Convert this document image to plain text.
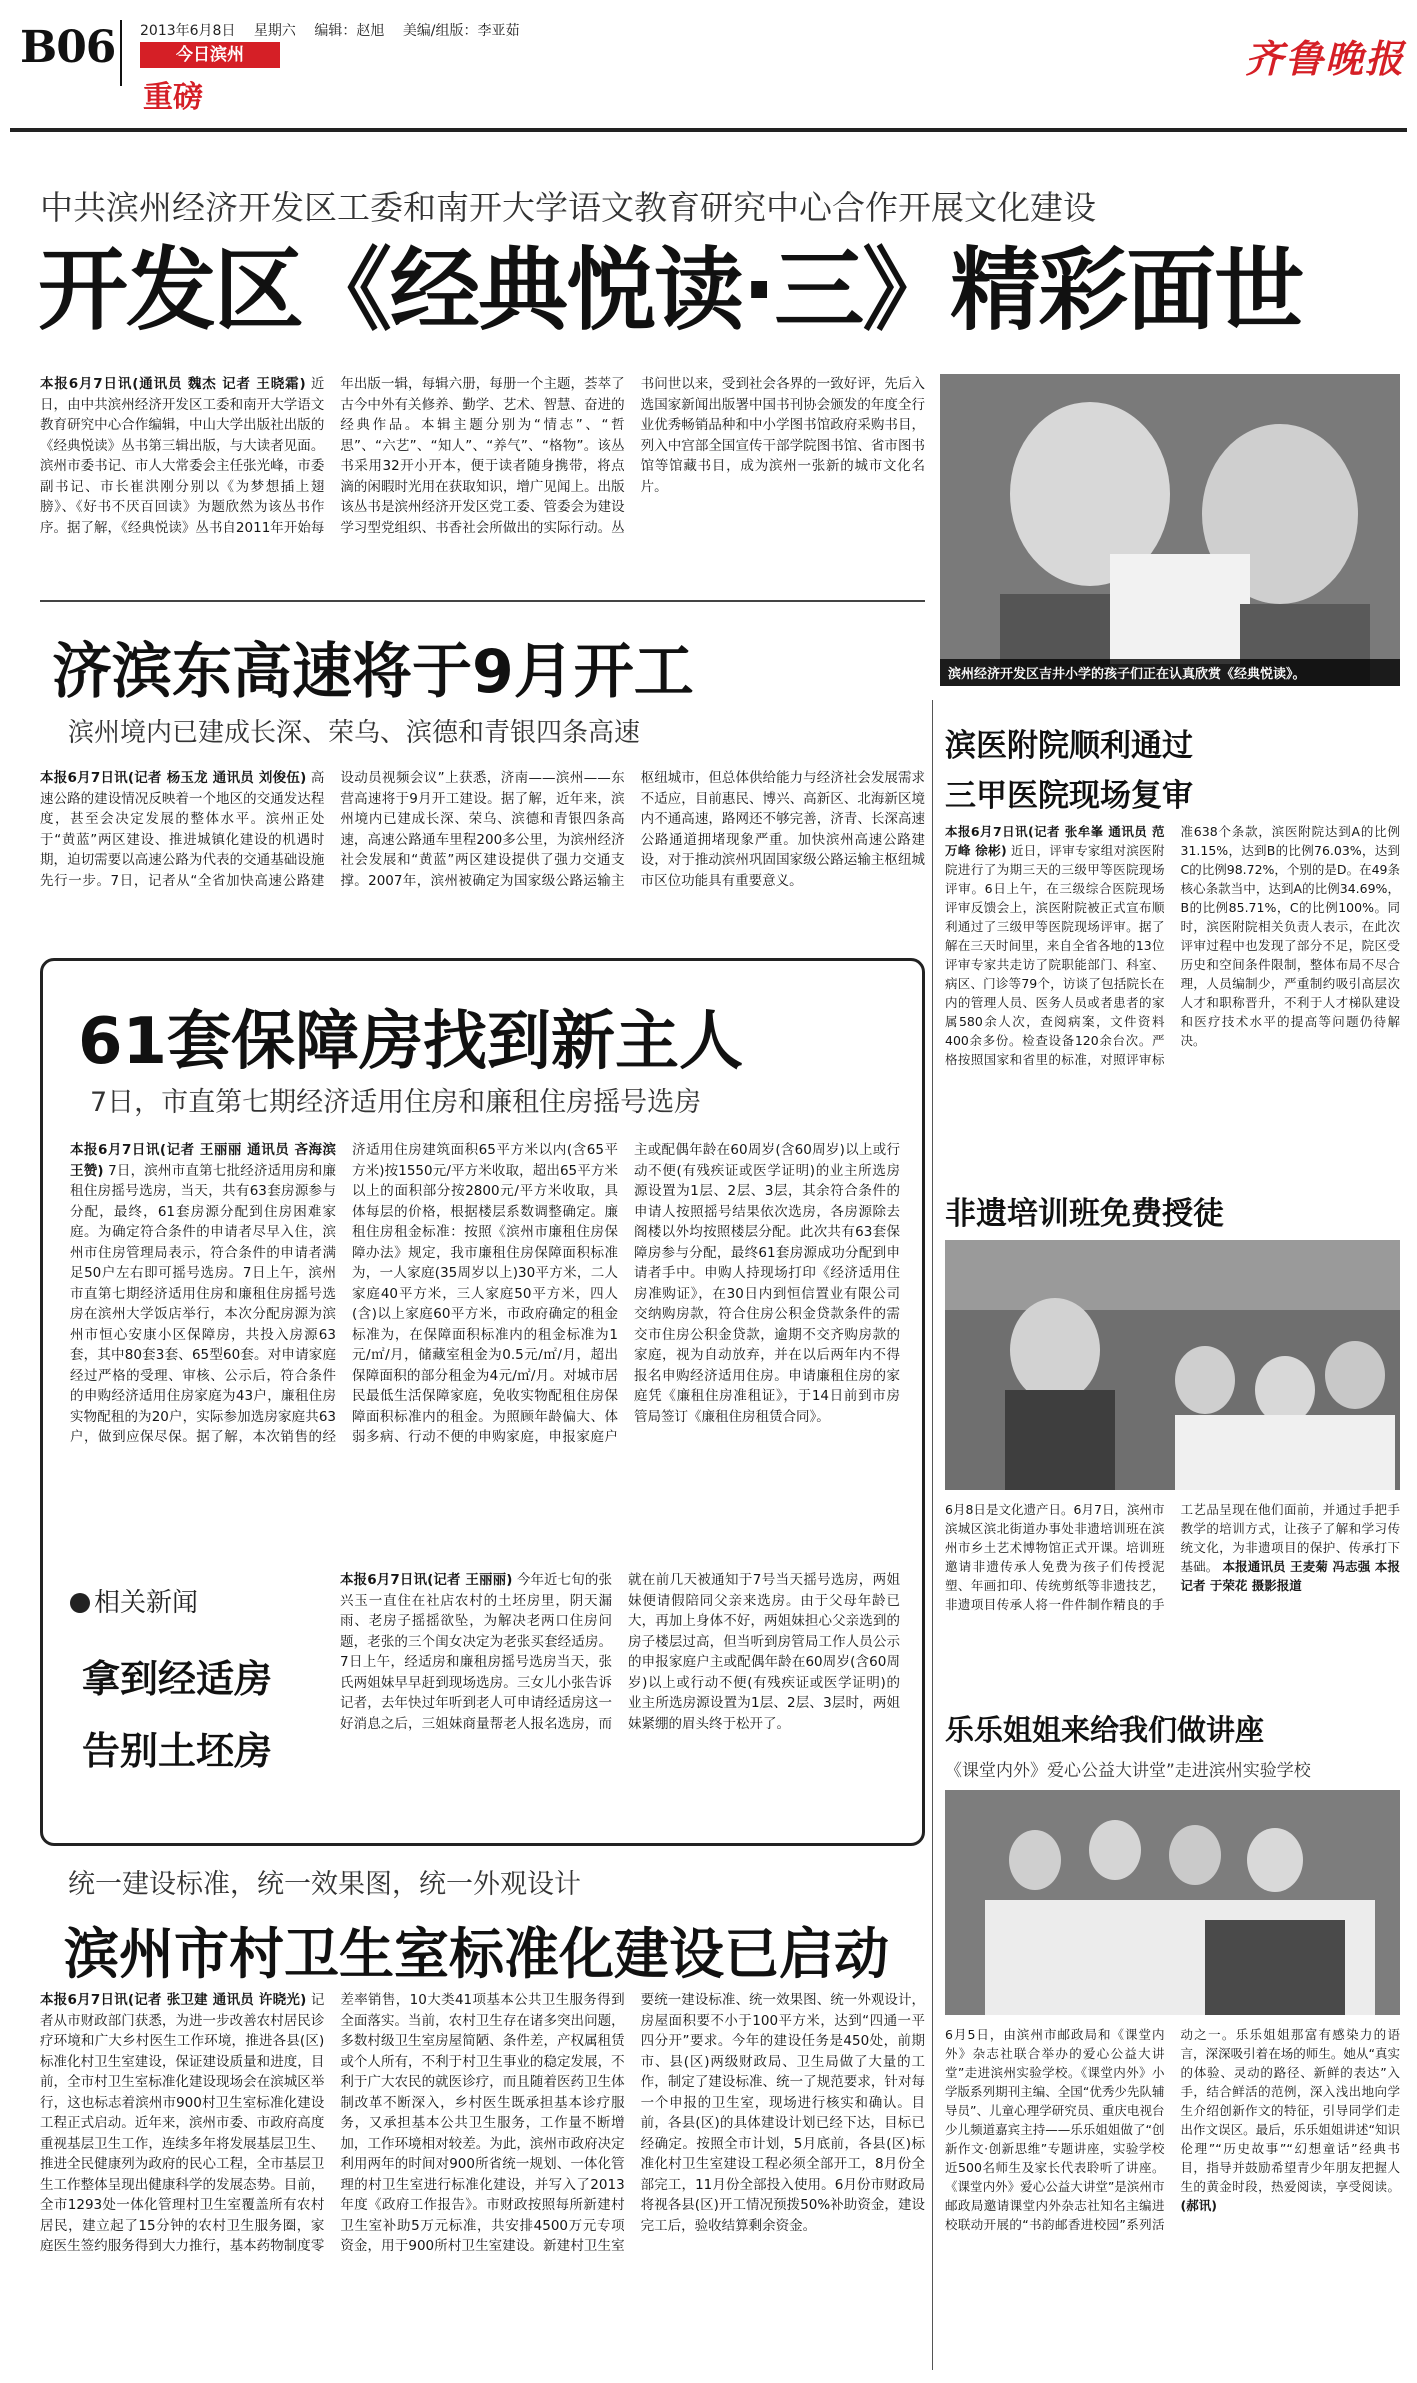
B06 2013年6月8日 星期六 编辑：赵旭 美编/组版：李亚茹
今日滨州
重磅
齐鲁晚报
中共滨州经济开发区工委和南开大学语文教育研究中心合作开展文化建设
开发区《经典悦读·三》精彩面世
本报6月7日讯(通讯员 魏杰 记者 王晓霜) 近日，由中共滨州经济开发区工委和南开大学语文教育研究中心合作编辑，中山大学出版社出版的《经典悦读》丛书第三辑出版，与大读者见面。滨州市委书记、市人大常委会主任张光峰，市委副书记、市长崔洪刚分别以《为梦想插上翅膀》、《好书不厌百回读》为题欣然为该丛书作序。据了解，《经典悦读》丛书自2011年开始每年出版一辑，每辑六册，每册一个主题，荟萃了古今中外有关修养、勤学、艺术、智慧、奋进的经典作品。本辑主题分别为“情志”、“哲思”、“六艺”、“知人”、“养气”、“格物”。该丛书采用32开小开本，便于读者随身携带，将点滴的闲暇时光用在获取知识，增广见闻上。出版该丛书是滨州经济开发区党工委、管委会为建设学习型党组织、书香社会所做出的实际行动。丛书问世以来，受到社会各界的一致好评，先后入选国家新闻出版署中国书刊协会颁发的年度全行业优秀畅销品种和中小学图书馆政府采购书目，列入中宫部全国宣传干部学院图书馆、省市图书馆等馆藏书目，成为滨州一张新的城市文化名片。
滨州经济开发区吉井小学的孩子们正在认真欣赏《经典悦读》。
济滨东高速将于9月开工
滨州境内已建成长深、荣乌、滨德和青银四条高速
本报6月7日讯(记者 杨玉龙 通讯员 刘俊伍) 高速公路的建设情况反映着一个地区的交通发达程度，甚至会决定发展的整体水平。滨州正处于“黄蓝”两区建设、推进城镇化建设的机遇时期，迫切需要以高速公路为代表的交通基础设施先行一步。7日，记者从“全省加快高速公路建设动员视频会议”上获悉，济南——滨州——东营高速将于9月开工建设。据了解，近年来，滨州境内已建成长深、荣乌、滨德和青银四条高速，高速公路通车里程200多公里，为滨州经济社会发展和“黄蓝”两区建设提供了强力交通支撑。2007年，滨州被确定为国家级公路运输主枢纽城市，但总体供给能力与经济社会发展需求不适应，目前惠民、博兴、高新区、北海新区境内不通高速，路网还不够完善，济青、长深高速公路通道拥堵现象严重。加快滨州高速公路建设，对于推动滨州巩固国家级公路运输主枢纽城市区位功能具有重要意义。
61套保障房找到新主人
7日，市直第七期经济适用住房和廉租住房摇号选房
本报6月7日讯(记者 王丽丽 通讯员 吝海滨 王赞) 7日，滨州市直第七批经济适用房和廉租住房摇号选房，当天，共有63套房源参与分配，最终，61套房源分配到住房困难家庭。为确定符合条件的申请者尽早入住，滨州市住房管理局表示，符合条件的申请者满足50户左右即可摇号选房。7日上午，滨州市直第七期经济适用住房和廉租住房摇号选房在滨州大学饭店举行，本次分配房源为滨州市恒心安康小区保障房，共投入房源63套，其中80套3套、65型60套。对申请家庭经过严格的受理、审核、公示后，符合条件的申购经济适用住房家庭为43户，廉租住房实物配租的为20户，实际参加选房家庭共63户，做到应保尽保。据了解，本次销售的经济适用住房建筑面积65平方米以内(含65平方米)按1550元/平方米收取，超出65平方米以上的面积部分按2800元/平方米收取，具体每层的价格，根据楼层系数调整确定。廉租住房租金标准：按照《滨州市廉租住房保障办法》规定，我市廉租住房保障面积标准为，一人家庭(35周岁以上)30平方米，二人家庭40平方米，三人家庭50平方米，四人(含)以上家庭60平方米，市政府确定的租金标准为，在保障面积标准内的租金标准为1元/㎡/月，储藏室租金为0.5元/㎡/月，超出保障面积的部分租金为4元/㎡/月。对城市居民最低生活保障家庭，免收实物配租住房保障面积标准内的租金。为照顾年龄偏大、体弱多病、行动不便的申购家庭，申报家庭户主或配偶年龄在60周岁(含60周岁)以上或行动不便(有残疾证或医学证明)的业主所选房源设置为1层、2层、3层，其余符合条件的申请人按照摇号结果依次选房，各房源除去阁楼以外均按照楼层分配。此次共有63套保障房参与分配，最终61套房源成功分配到申请者手中。申购人持现场打印《经济适用住房准购证》，在30日内到恒信置业有限公司交纳购房款，符合住房公积金贷款条件的需交市住房公积金贷款，逾期不交齐购房款的家庭，视为自动放弃，并在以后两年内不得报名申购经济适用住房。申请廉租住房的家庭凭《廉租住房准租证》，于14日前到市房管局签订《廉租住房租赁合同》。
相关新闻
拿到经适房
告别土坯房
本报6月7日讯(记者 王丽丽) 今年近七旬的张兴玉一直住在社店农村的土坯房里，阴天漏雨、老房子摇摇欲坠，为解决老两口住房问题，老张的三个闺女决定为老张买套经适房。7日上午，经适房和廉租房摇号选房当天，张氏两姐妹早早赶到现场选房。三女儿小张告诉记者，去年快过年听到老人可申请经适房这一好消息之后，三姐妹商量帮老人报名选房，而就在前几天被通知于7号当天摇号选房，两姐妹便请假陪同父亲来选房。由于父母年龄已大，再加上身体不好，两姐妹担心父亲选到的房子楼层过高，但当听到房管局工作人员公示的申报家庭户主或配偶年龄在60周岁(含60周岁)以上或行动不便(有残疾证或医学证明)的业主所选房源设置为1层、2层、3层时，两姐妹紧绷的眉头终于松开了。
统一建设标准，统一效果图，统一外观设计
滨州市村卫生室标准化建设已启动
本报6月7日讯(记者 张卫建 通讯员 许晓光) 记者从市财政部门获悉，为进一步改善农村居民诊疗环境和广大乡村医生工作环境，推进各县(区)标准化村卫生室建设，保证建设质量和进度，目前，全市村卫生室标准化建设现场会在滨城区举行，这也标志着滨州市900村卫生室标准化建设工程正式启动。近年来，滨州市委、市政府高度重视基层卫生工作，连续多年将发展基层卫生、推进全民健康列为政府的民心工程，全市基层卫生工作整体呈现出健康科学的发展态势。目前，全市1293处一体化管理村卫生室覆盖所有农村居民，建立起了15分钟的农村卫生服务圈，家庭医生签约服务得到大力推行，基本药物制度零差率销售，10大类41项基本公共卫生服务得到全面落实。当前，农村卫生存在诸多突出问题，多数村级卫生室房屋简陋、条件差，产权属租赁或个人所有，不利于村卫生事业的稳定发展，不利于广大农民的就医诊疗，而且随着医药卫生体制改革不断深入，乡村医生既承担基本诊疗服务，又承担基本公共卫生服务，工作量不断增加，工作环境相对较差。为此，滨州市政府决定利用两年的时间对900所省统一规划、一体化管理的村卫生室进行标准化建设，并写入了2013年度《政府工作报告》。市财政按照每所新建村卫生室补助5万元标准，共安排4500万元专项资金，用于900所村卫生室建设。新建村卫生室要统一建设标准、统一效果图、统一外观设计，房屋面积要不小于100平方米，达到“四通一平四分开”要求。今年的建设任务是450处，前期市、县(区)两级财政局、卫生局做了大量的工作，制定了建设标准、统一了规范要求，针对每一个申报的卫生室，现场进行核实和确认。目前，各县(区)的具体建设计划已经下达，目标已经确定。按照全市计划，5月底前，各县(区)标准化村卫生室建设工程必须全部开工，8月份全部完工，11月份全部投入使用。6月份市财政局将视各县(区)开工情况预拨50%补助资金，建设完工后，验收结算剩余资金。
滨医附院顺利通过
三甲医院现场复审
本报6月7日讯(记者 张牟峯 通讯员 范万峰 徐彬) 近日，评审专家组对滨医附院进行了为期三天的三级甲等医院现场评审。6日上午，在三级综合医院现场评审反馈会上，滨医附院被正式宣布顺利通过了三级甲等医院现场评审。据了解在三天时间里，来自全省各地的13位评审专家共走访了院职能部门、科室、病区、门诊等79个，访谈了包括院长在内的管理人员、医务人员或者患者的家属580余人次，查阅病案，文件资料400余多份。检查设备120余台次。严格按照国家和省里的标准，对照评审标准638个条款，滨医附院达到A的比例31.15%，达到B的比例76.03%，达到C的比例98.72%，个别的是D。在49条核心条款当中，达到A的比例34.69%，B的比例85.71%，C的比例100%。同时，滨医附院相关负责人表示，在此次评审过程中也发现了部分不足，院区受历史和空间条件限制，整体布局不尽合理，人员编制少，严重制约吸引高层次人才和职称晋升，不利于人才梯队建设和医疗技术水平的提高等问题仍待解决。
非遗培训班免费授徒
6月8日是文化遗产日。6月7日，滨州市滨城区滨北街道办事处非遗培训班在滨州市乡土艺术博物馆正式开课。培训班邀请非遗传承人免费为孩子们传授泥塑、年画扣印、传统剪纸等非遗技艺，非遗项目传承人将一件件制作精良的手工艺品呈现在他们面前，并通过手把手教学的培训方式，让孩子了解和学习传统文化，为非遗项目的保护、传承打下基础。 本报通讯员 王麦菊 冯志强 本报记者 于荣花 摄影报道
乐乐姐姐来给我们做讲座
《课堂内外》爱心公益大讲堂”走进滨州实验学校
6月5日，由滨州市邮政局和《课堂内外》杂志社联合举办的爱心公益大讲堂”走进滨州实验学校。《课堂内外》小学版系列期刊主编、全国“优秀少先队辅导员”、儿童心理学研究员、重庆电视台少儿频道嘉宾主持——乐乐姐姐做了“创新作文·创新思维”专题讲座，实验学校近500名师生及家长代表聆听了讲座。《课堂内外》爱心公益大讲堂”是滨州市邮政局邀请课堂内外杂志社知名主编进校联动开展的“书韵邮香进校园”系列活动之一。乐乐姐姐那富有感染力的语言，深深吸引着在场的师生。她从“真实的体验、灵动的路径、新鲜的表达”入手，结合鲜活的范例，深入浅出地向学生介绍创新作文的特征，引导同学们走出作文误区。最后，乐乐姐姐讲述“知识伦理”“历史故事”“幻想童话”经典书目，指导并鼓励希望青少年朋友把握人生的黄金时段，热爱阅读，享受阅读。 (郝讯)
